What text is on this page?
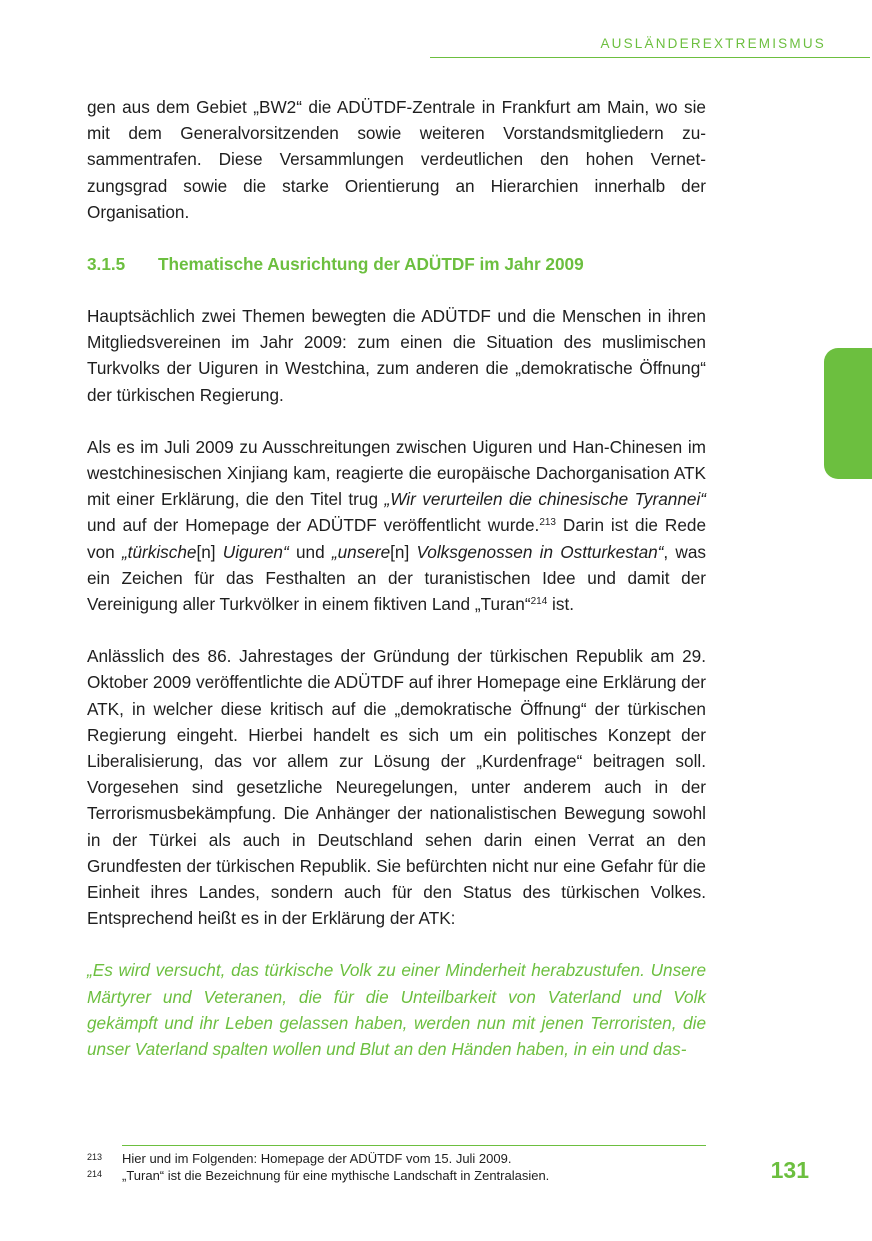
AUSLÄNDEREXTREMISMUS

gen aus dem Gebiet „BW2“ die ADÜTDF-Zentrale in Frankfurt am Main, wo sie mit dem Generalvorsitzenden sowie weiteren Vorstandsmitgliedern zusammentrafen. Diese Versammlungen verdeutlichen den hohen Vernetzungsgrad sowie die starke Orientierung an Hierarchien innerhalb der Organisation.

3.1.5	Thematische Ausrichtung der ADÜTDF im Jahr 2009

Hauptsächlich zwei Themen bewegten die ADÜTDF und die Menschen in ihren Mitgliedsvereinen im Jahr 2009: zum einen die Situation des muslimischen Turkvolks der Uiguren in Westchina, zum anderen die „demokratische Öffnung“ der türkischen Regierung.

Als es im Juli 2009 zu Ausschreitungen zwischen Uiguren und Han-Chinesen im westchinesischen Xinjiang kam, reagierte die europäische Dachorganisation ATK mit einer Erklärung, die den Titel trug „Wir verurteilen die chinesische Tyrannei“ und auf der Homepage der ADÜTDF veröffentlicht wurde.$^{213}$ Darin ist die Rede von „türkische[n] Uiguren“ und „unsere[n] Volksgenossen in Ostturkestan“, was ein Zeichen für das Festhalten an der turanistischen Idee und damit der Vereinigung aller Turkvölker in einem fiktiven Land „Turan“$^{214}$ ist.

Anlässlich des 86. Jahrestages der Gründung der türkischen Republik am 29. Oktober 2009 veröffentlichte die ADÜTDF auf ihrer Homepage eine Erklärung der ATK, in welcher diese kritisch auf die „demokratische Öffnung“ der türkischen Regierung eingeht. Hierbei handelt es sich um ein politisches Konzept der Liberalisierung, das vor allem zur Lösung der „Kurdenfrage“ beitragen soll. Vorgesehen sind gesetzliche Neuregelungen, unter anderem auch in der Terrorismusbekämpfung. Die Anhänger der nationalistischen Bewegung sowohl in der Türkei als auch in Deutschland sehen darin einen Verrat an den Grundfesten der türkischen Republik. Sie befürchten nicht nur eine Gefahr für die Einheit ihres Landes, sondern auch für den Status des türkischen Volkes. Entsprechend heißt es in der Erklärung der ATK:

„Es wird versucht, das türkische Volk zu einer Minderheit herabzustufen. Unsere Märtyrer und Veteranen, die für die Unteilbarkeit von Vaterland und Volk gekämpft und ihr Leben gelassen haben, werden nun mit jenen Terroristen, die unser Vaterland spalten wollen und Blut an den Händen haben, in ein und das-

213	Hier und im Folgenden: Homepage der ADÜTDF vom 15. Juli 2009.
214	„Turan“ ist die Bezeichnung für eine mythische Landschaft in Zentralasien.	131
